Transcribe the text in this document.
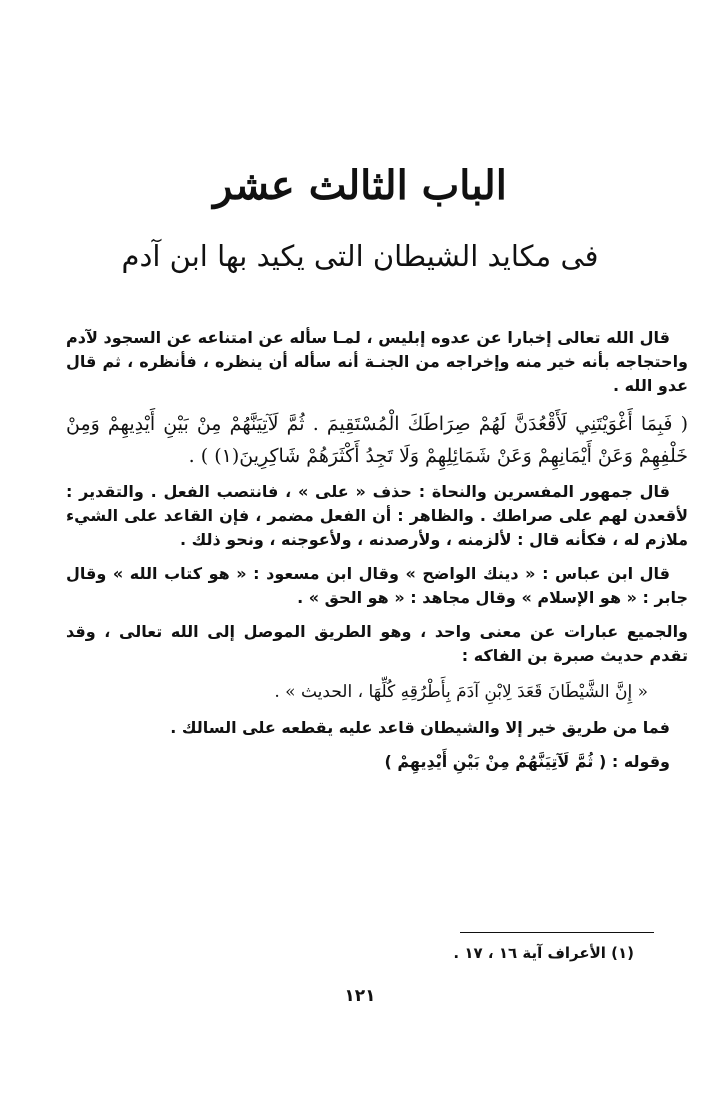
الباب الثالث عشر
فى مكايد الشيطان التى يكيد بها ابن آدم

قال الله تعالى إخبارا عن عدوه إبليس ، لمـا سأله عن امتناعه عن السجود لآدم واحتجاجه بأنه خير منه وإخراجه من الجنـة أنه سأله أن ينظره ، فأنظره ، ثم قال عدو الله .

( فَبِمَا أَغْوَيْتَنِي لَأَقْعُدَنَّ لَهُمْ صِرَاطَكَ الْمُسْتَقِيمَ . ثُمَّ لَآتِيَنَّهُمْ مِنْ بَيْنِ أَيْدِيهِمْ وَمِنْ خَلْفِهِمْ وَعَنْ أَيْمَانِهِمْ وَعَنْ شَمَائِلِهِمْ وَلَا تَجِدُ أَكْثَرَهُمْ شَاكِرِينَ(١) ) .

قال جمهور المفسرين والنحاة : حذف « على » ، فانتصب الفعل . والتقدير : لأقعدن لهم على صراطك . والظاهر : أن الفعل مضمر ، فإن القاعد على الشيء ملازم له ، فكأنه قال : لألزمنه ، ولأرصدنه ، ولأعوجنه ، ونحو ذلك .

قال ابن عباس : « دينك الواضح » وقال ابن مسعود : « هو كتاب الله » وقال جابر : « هو الإسلام » وقال مجاهد : « هو الحق » .

والجميع عبارات عن معنى واحد ، وهو الطريق الموصل إلى الله تعالى ، وقد تقدم حديث صبرة بن الفاكه :

« إِنَّ الشَّيْطَانَ قَعَدَ لِابْنِ آدَمَ بِأَطْرُقِهِ كُلِّهَا ، الحديث » .

فما من طريق خير إلا والشيطان قاعد عليه يقطعه على السالك .

وقوله : ( ثُمَّ لَآتِيَنَّهُمْ مِنْ بَيْنِ أَيْدِيهِمْ )

(١) الأعراف آية ١٦ ، ١٧ .
١٢١
